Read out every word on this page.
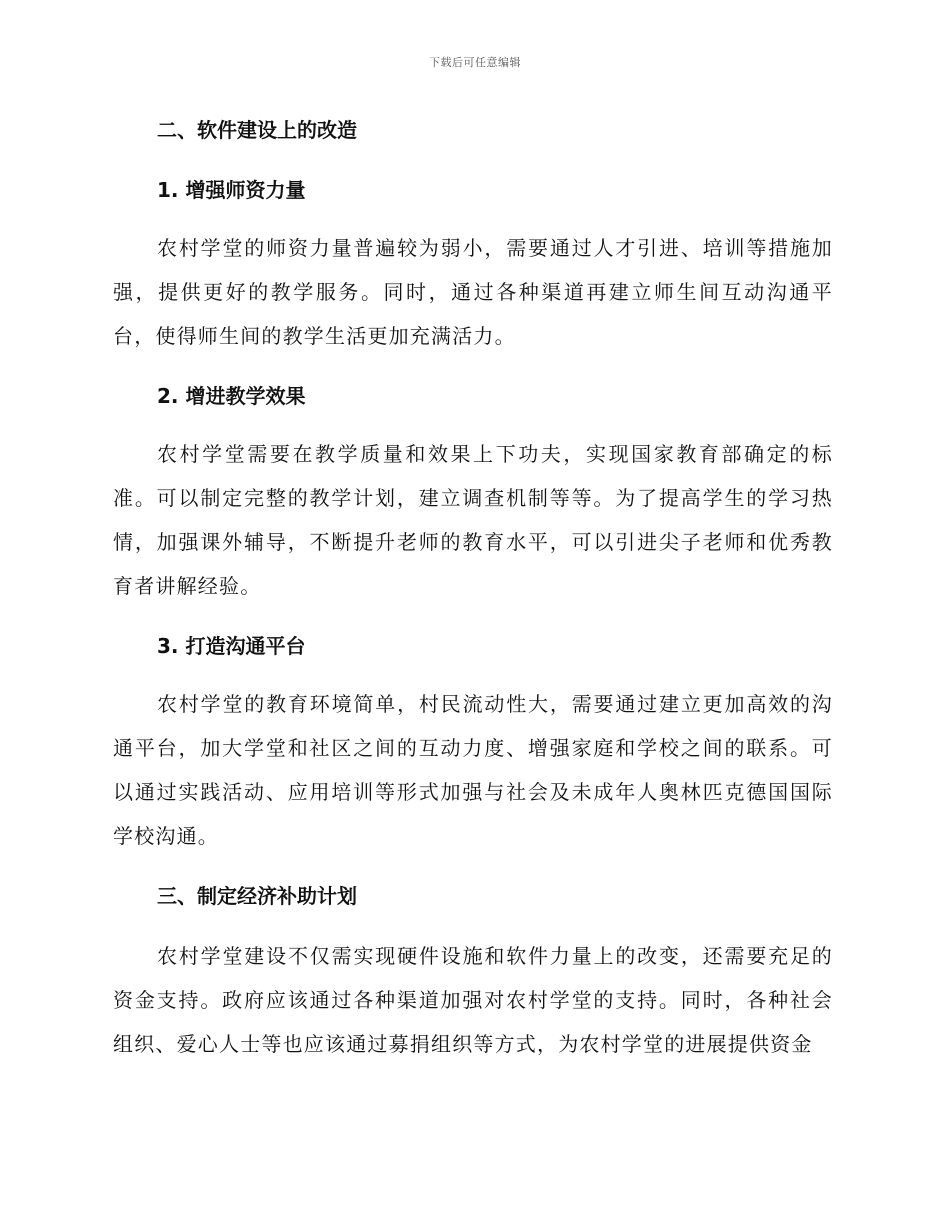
下载后可任意编辑
二、软件建设上的改造
1. 增强师资力量

农村学堂的师资力量普遍较为弱小，需要通过人才引进、培训等措施加强，提供更好的教学服务。同时，通过各种渠道再建立师生间互动沟通平台，使得师生间的教学生活更加充满活力。

2. 增进教学效果

农村学堂需要在教学质量和效果上下功夫，实现国家教育部确定的标准。可以制定完整的教学计划，建立调查机制等等。为了提高学生的学习热情，加强课外辅导，不断提升老师的教育水平，可以引进尖子老师和优秀教育者讲解经验。

3. 打造沟通平台

农村学堂的教育环境简单，村民流动性大，需要通过建立更加高效的沟通平台，加大学堂和社区之间的互动力度、增强家庭和学校之间的联系。可以通过实践活动、应用培训等形式加强与社会及未成年人奥林匹克德国国际学校沟通。

三、制定经济补助计划

农村学堂建设不仅需实现硬件设施和软件力量上的改变，还需要充足的资金支持。政府应该通过各种渠道加强对农村学堂的支持。同时，各种社会组织、爱心人士等也应该通过募捐组织等方式，为农村学堂的进展提供资金
